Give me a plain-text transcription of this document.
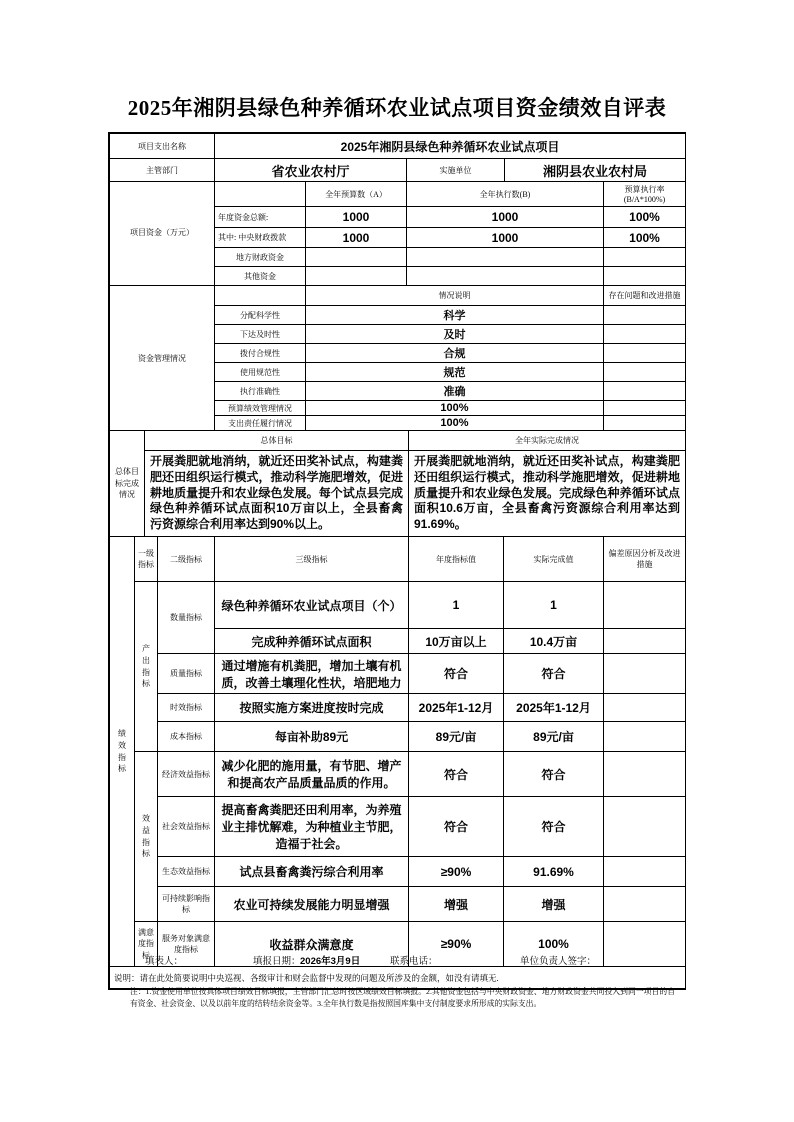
2025年湘阴县绿色种养循环农业试点项目资金绩效自评表
项目支出名称	2025年湘阴县绿色种养循环农业试点项目		
主管部门	省农业农村厅	实施单位	湘阴县农业农村局
项目资金（万元）		全年预算数（A）	全年执行数(B)	预算执行率(B/A*100%)
	年度资金总额:	1000	1000	100%
	其中: 中央财政拨款	1000	1000	100%
	地方财政资金			
	其他资金			
资金管理情况		情况说明	存在问题和改进措施
	分配科学性	科学	
	下达及时性	及时	
	拨付合规性	合规	
	使用规范性	规范	
	执行准确性	准确	
	预算绩效管理情况	100%	
	支出责任履行情况	100%	
总体目标完成情况	总体目标	全年实际完成情况
	开展粪肥就地消纳，就近还田奖补试点，构建粪肥还田组织运行模式，推动科学施肥增效，促进耕地质量提升和农业绿色发展。每个试点县完成绿色种养循环试点面积10万亩以上，全县畜禽污资源综合利用率达到90%以上。	开展粪肥就地消纳，就近还田奖补试点，构建粪肥还田组织运行模式，推动科学施肥增效，促进耕地质量提升和农业绿色发展。完成绿色种养循环试点面积10.6万亩，全县畜禽污资源综合利用率达到91.69%。
绩效指标	一级指标	二级指标	三级指标	年度指标值	实际完成值	偏差原因分析及改进措施

	产出指标	数量指标	绿色种养循环农业试点项目（个）	1	1	
			完成种养循环试点面积	10万亩以上	10.4万亩	
		质量指标	通过增施有机粪肥，增加土壤有机质，改善土壤理化性状，培肥地力	符合	符合	
		时效指标	按照实施方案进度按时完成	2025年1-12月	2025年1-12月	
		成本指标	每亩补助89元	89元/亩	89元/亩	

	效益指标	经济效益指标	减少化肥的施用量，有节肥、增产和提高农产品质量品质的作用。	符合	符合	
		社会效益指标	提高畜禽粪肥还田利用率，为养殖业主排忧解难，为种植业主节肥，造福于社会。	符合	符合	
		生态效益指标	试点县畜禽粪污综合利用率	≥90%	91.69%	
		可持续影响指标	农业可持续发展能力明显增强	增强	增强	

	满意度指标	服务对象满意度指标	收益群众满意度	≥90%	100%	
说明：请在此处简要说明中央巡视、各级审计和财会监督中发现的问题及所涉及的金额，如没有请填无.
填表人：	填报日期： 2026年3月9日	联系电话：	单位负责人签字：
注：1.资金使用单位按具体项目绩效目标填报，主管部门汇总时按区域绩效目标填报。2.其他资金包括与中央财政资金、地方财政资金共同投入到同一项目的自有资金、社会资金、以及以前年度的结转结余资金等。3.全年执行数是指按照国库集中支付制度要求所形成的实际支出。
